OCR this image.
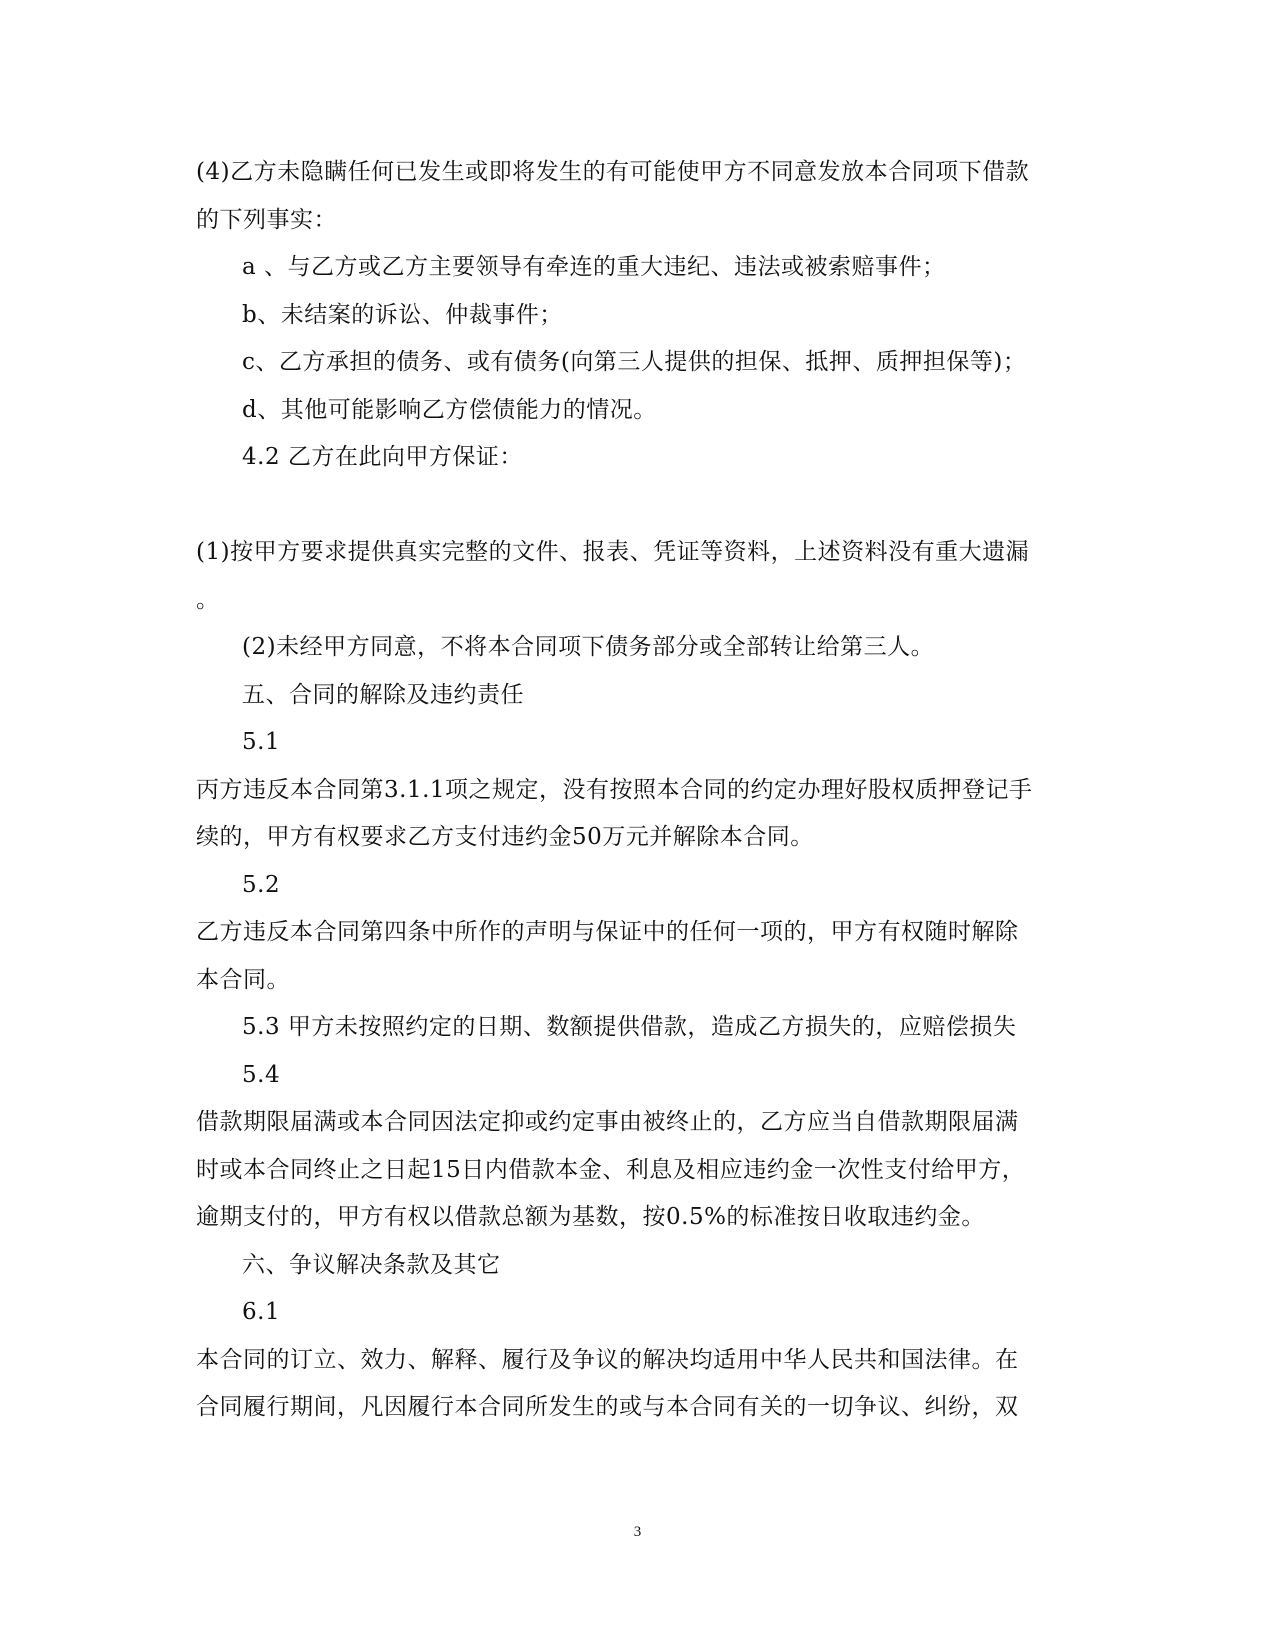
(4)乙方未隐瞒任何已发生或即将发生的有可能使甲方不同意发放本合同项下借款
的下列事实：
a 、与乙方或乙方主要领导有牵连的重大违纪、违法或被索赔事件；
b、未结案的诉讼、仲裁事件；
c、乙方承担的债务、或有债务(向第三人提供的担保、抵押、质押担保等)；
d、其他可能影响乙方偿债能力的情况。
4.2 乙方在此向甲方保证：
(1)按甲方要求提供真实完整的文件、报表、凭证等资料，上述资料没有重大遗漏
。
(2)未经甲方同意，不将本合同项下债务部分或全部转让给第三人。
五、合同的解除及违约责任
5.1
丙方违反本合同第3.1.1项之规定，没有按照本合同的约定办理好股权质押登记手
续的，甲方有权要求乙方支付违约金50万元并解除本合同。
5.2
乙方违反本合同第四条中所作的声明与保证中的任何一项的，甲方有权随时解除
本合同。
5.3 甲方未按照约定的日期、数额提供借款，造成乙方损失的，应赔偿损失
5.4
借款期限届满或本合同因法定抑或约定事由被终止的，乙方应当自借款期限届满
时或本合同终止之日起15日内借款本金、利息及相应违约金一次性支付给甲方，
逾期支付的，甲方有权以借款总额为基数，按0.5%的标准按日收取违约金。
六、争议解决条款及其它
6.1
本合同的订立、效力、解释、履行及争议的解决均适用中华人民共和国法律。在
合同履行期间，凡因履行本合同所发生的或与本合同有关的一切争议、纠纷，双
3
